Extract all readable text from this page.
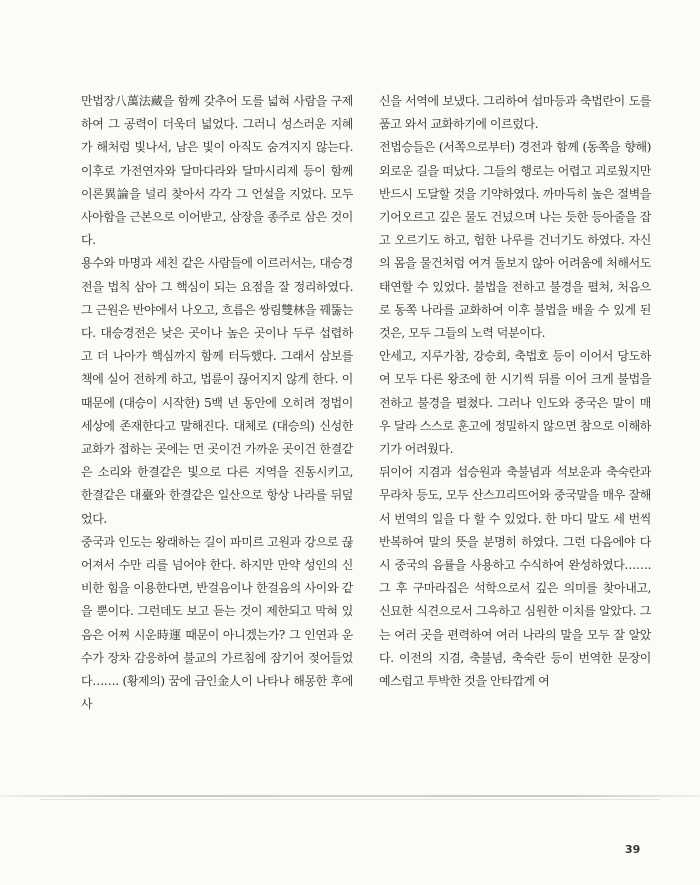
만법장八萬法藏을 함께 갖추어 도를 넓혀 사람을 구제하여 그 공력이 더욱더 넓었다. 그러니 성스러운 지혜가 해처럼 빛나서, 남은 빛이 아직도 숨겨지지 않는다. 이후로 가전연자와 달마다라와 달마시리제 등이 함께 이론異論을 널리 찾아서 각각 그 언설을 지었다. 모두 사아함을 근본으로 이어받고, 삼장을 종주로 삼은 것이다.

용수와 마명과 세친 같은 사람들에 이르러서는, 대승경전을 법칙 삼아 그 핵심이 되는 요점을 잘 정리하였다. 그 근원은 반야에서 나오고, 흐름은 쌍림雙林을 꿰뚫는다. 대승경전은 낮은 곳이나 높은 곳이나 두루 섭렵하고 더 나아가 핵심까지 함께 터득했다. 그래서 삼보를 책에 실어 전하게 하고, 법륜이 끊어지지 않게 한다. 이 때문에 (대승이 시작한) 5백 년 동안에 오히려 정법이 세상에 존재한다고 말해진다. 대체로 (대승의) 신성한 교화가 접하는 곳에는 먼 곳이건 가까운 곳이건 한결같은 소리와 한결같은 빛으로 다른 지역을 진동시키고, 한결같은 대臺와 한결같은 일산으로 항상 나라를 뒤덮었다.

중국과 인도는 왕래하는 길이 파미르 고원과 강으로 끊어져서 수만 리를 넘어야 한다. 하지만 만약 성인의 신비한 힘을 이용한다면, 반걸음이나 한걸음의 사이와 같을 뿐이다. 그런데도 보고 듣는 것이 제한되고 막혀 있음은 어찌 시운時運 때문이 아니겠는가? 그 인연과 운수가 장차 감응하여 불교의 가르침에 잠기어 젖어들었다……. (황제의) 꿈에 금인金人이 나타나 해몽한 후에 사

신을 서역에 보냈다. 그리하여 섭마등과 축법란이 도를 품고 와서 교화하기에 이르렀다.

전법승들은 (서쪽으로부터) 경전과 함께 (동쪽을 향해) 외로운 길을 떠났다. 그들의 행로는 어렵고 괴로웠지만 반드시 도달할 것을 기약하였다. 까마득히 높은 절벽을 기어오르고 깊은 물도 건넜으며 나는 듯한 등아줄을 잡고 오르기도 하고, 험한 나루를 건너기도 하였다. 자신의 몸을 물건처럼 여겨 돌보지 않아 어려움에 처해서도 태연할 수 있었다. 불법을 전하고 불경을 펼쳐, 처음으로 동쪽 나라를 교화하여 이후 불법을 배울 수 있게 된 것은, 모두 그들의 노력 덕분이다.

안세고, 지루가참, 강승회, 축법호 등이 이어서 당도하여 모두 다른 왕조에 한 시기씩 뒤를 이어 크게 불법을 전하고 불경을 펼쳤다. 그러나 인도와 중국은 말이 매우 달라 스스로 훈고에 정밀하지 않으면 참으로 이해하기가 어려웠다.

뒤이어 지겸과 섭승원과 축불념과 석보운과 축숙란과 무라차 등도, 모두 산스끄리뜨어와 중국말을 매우 잘해서 번역의 일을 다 할 수 있었다. 한 마디 말도 세 번씩 반복하여 말의 뜻을 분명히 하였다. 그런 다음에야 다시 중국의 음률을 사용하고 수식하여 완성하였다……. 그 후 구마라집은 석학으로서 깊은 의미를 찾아내고, 신묘한 식견으로서 그윽하고 심원한 이치를 알았다. 그는 여러 곳을 편력하여 여러 나라의 말을 모두 잘 알았다. 이전의 지겸, 축불념, 축숙란 등이 번역한 문장이 예스럽고 투박한 것을 안타깝게 여

39
